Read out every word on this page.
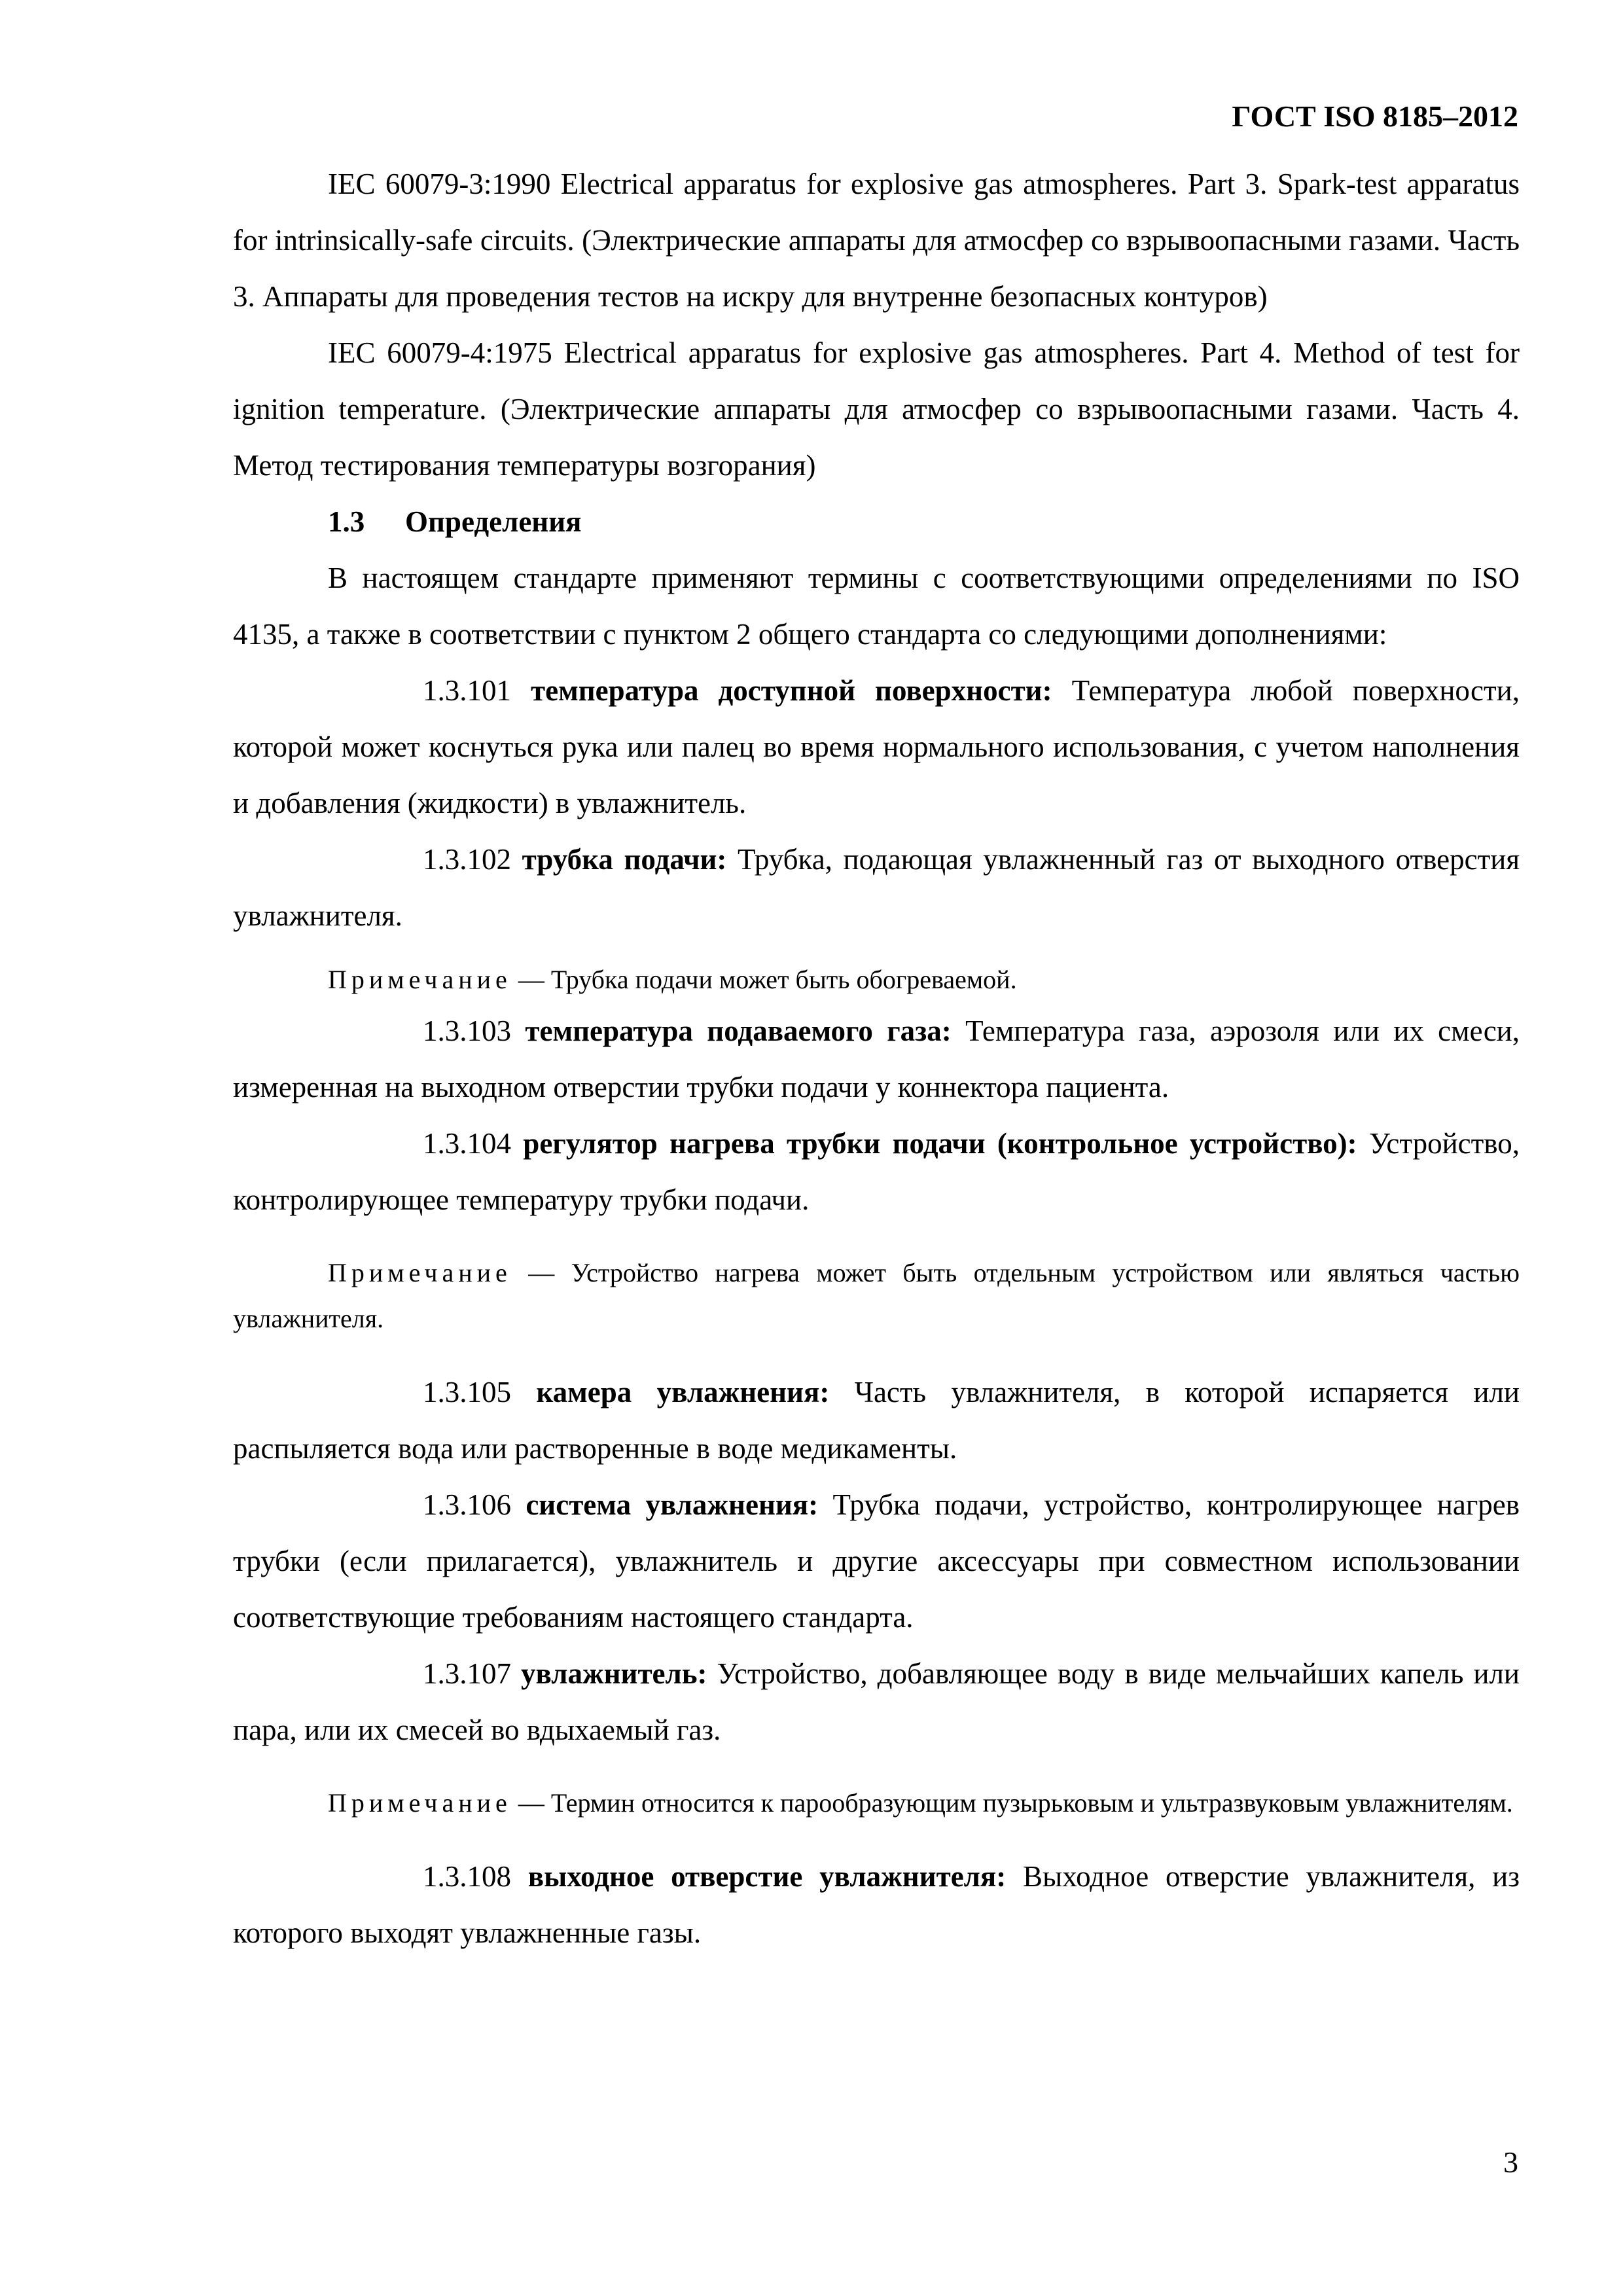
ГОСТ ISO 8185–2012

IEC 60079-3:1990 Electrical apparatus for explosive gas atmospheres. Part 3. Spark-test apparatus for intrinsically-safe circuits. (Электрические аппараты для атмосфер со взрывоопасными газами. Часть 3. Аппараты для проведения тестов на искру для внутренне безопасных контуров)

IEC 60079-4:1975 Electrical apparatus for explosive gas atmospheres. Part 4. Method of test for ignition temperature. (Электрические аппараты для атмосфер со взрывоопасными газами. Часть 4. Метод тестирования температуры возгорания)

1.3 Определения

В настоящем стандарте применяют термины с соответствующими определениями по ISO 4135, а также в соответствии с пунктом 2 общего стандарта со следующими дополнениями:

1.3.101 температура доступной поверхности: Температура любой поверхности, которой может коснуться рука или палец во время нормального использования, с учетом наполнения и добавления (жидкости) в увлажнитель.

1.3.102 трубка подачи: Трубка, подающая увлажненный газ от выходного отверстия увлажнителя.

Примечание — Трубка подачи может быть обогреваемой.

1.3.103 температура подаваемого газа: Температура газа, аэрозоля или их смеси, измеренная на выходном отверстии трубки подачи у коннектора пациента.

1.3.104 регулятор нагрева трубки подачи (контрольное устройство): Устройство, контролирующее температуру трубки подачи.

Примечание — Устройство нагрева может быть отдельным устройством или являться частью увлажнителя.

1.3.105 камера увлажнения: Часть увлажнителя, в которой испаряется или распыляется вода или растворенные в воде медикаменты.

1.3.106 система увлажнения: Трубка подачи, устройство, контролирующее нагрев трубки (если прилагается), увлажнитель и другие аксессуары при совместном использовании соответствующие требованиям настоящего стандарта.

1.3.107 увлажнитель: Устройство, добавляющее воду в виде мельчайших капель или пара, или их смесей во вдыхаемый газ.

Примечание — Термин относится к парообразующим пузырьковым и ультразвуковым увлажнителям.

1.3.108 выходное отверстие увлажнителя: Выходное отверстие увлажнителя, из которого выходят увлажненные газы.

3
